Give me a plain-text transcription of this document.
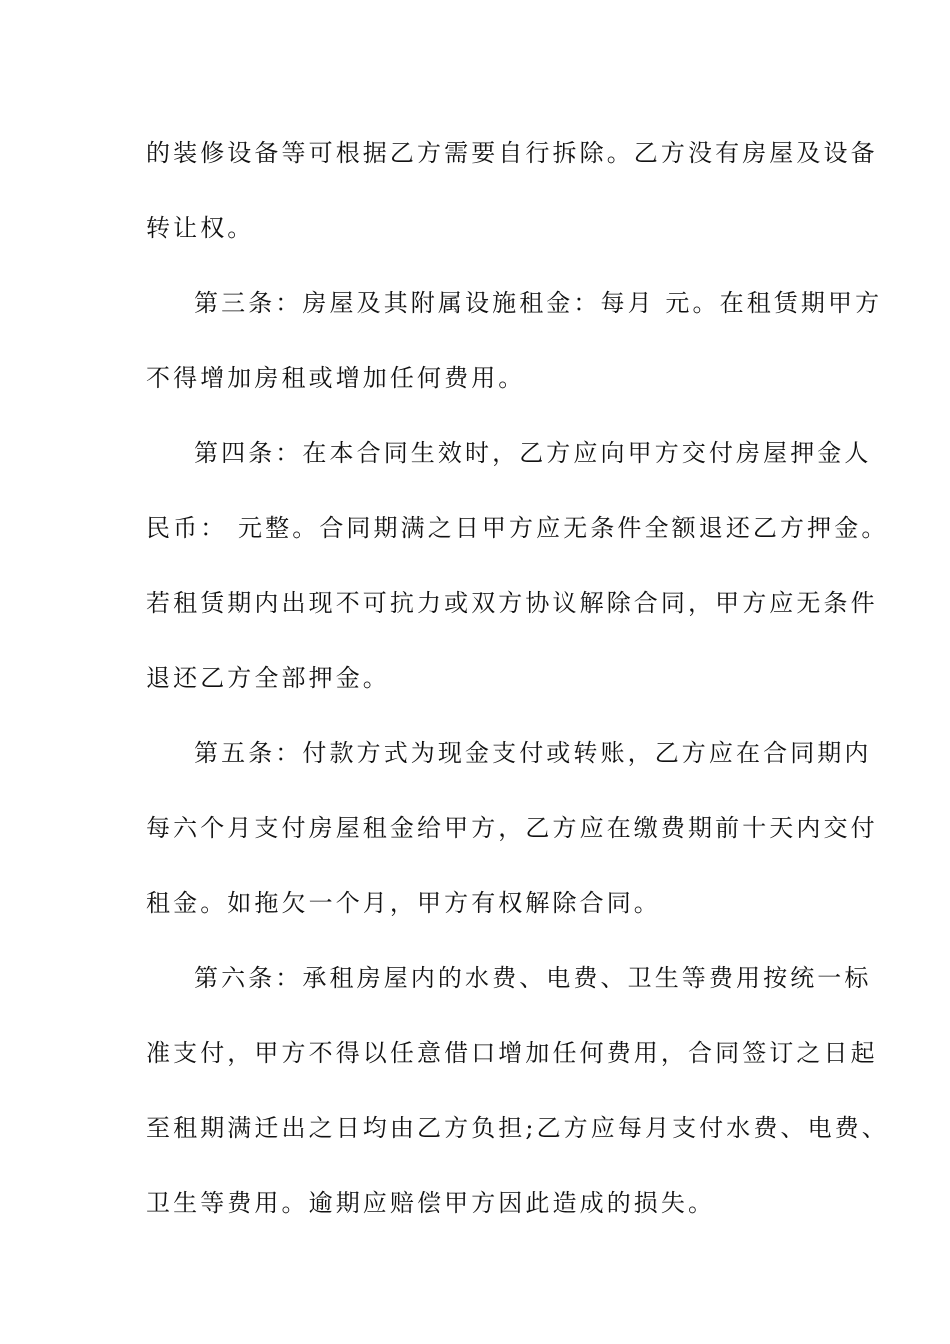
的装修设备等可根据乙方需要自行拆除。乙方没有房屋及设备
转让权。
第三条：房屋及其附属设施租金：每月 元。在租赁期甲方
不得增加房租或增加任何费用。
第四条：在本合同生效时，乙方应向甲方交付房屋押金人
民币： 元整。合同期满之日甲方应无条件全额退还乙方押金。
若租赁期内出现不可抗力或双方协议解除合同，甲方应无条件
退还乙方全部押金。
第五条：付款方式为现金支付或转账，乙方应在合同期内
每六个月支付房屋租金给甲方，乙方应在缴费期前十天内交付
租金。如拖欠一个月，甲方有权解除合同。
第六条：承租房屋内的水费、电费、卫生等费用按统一标
准支付，甲方不得以任意借口增加任何费用，合同签订之日起
至租期满迁出之日均由乙方负担;乙方应每月支付水费、电费、
卫生等费用。逾期应赔偿甲方因此造成的损失。
